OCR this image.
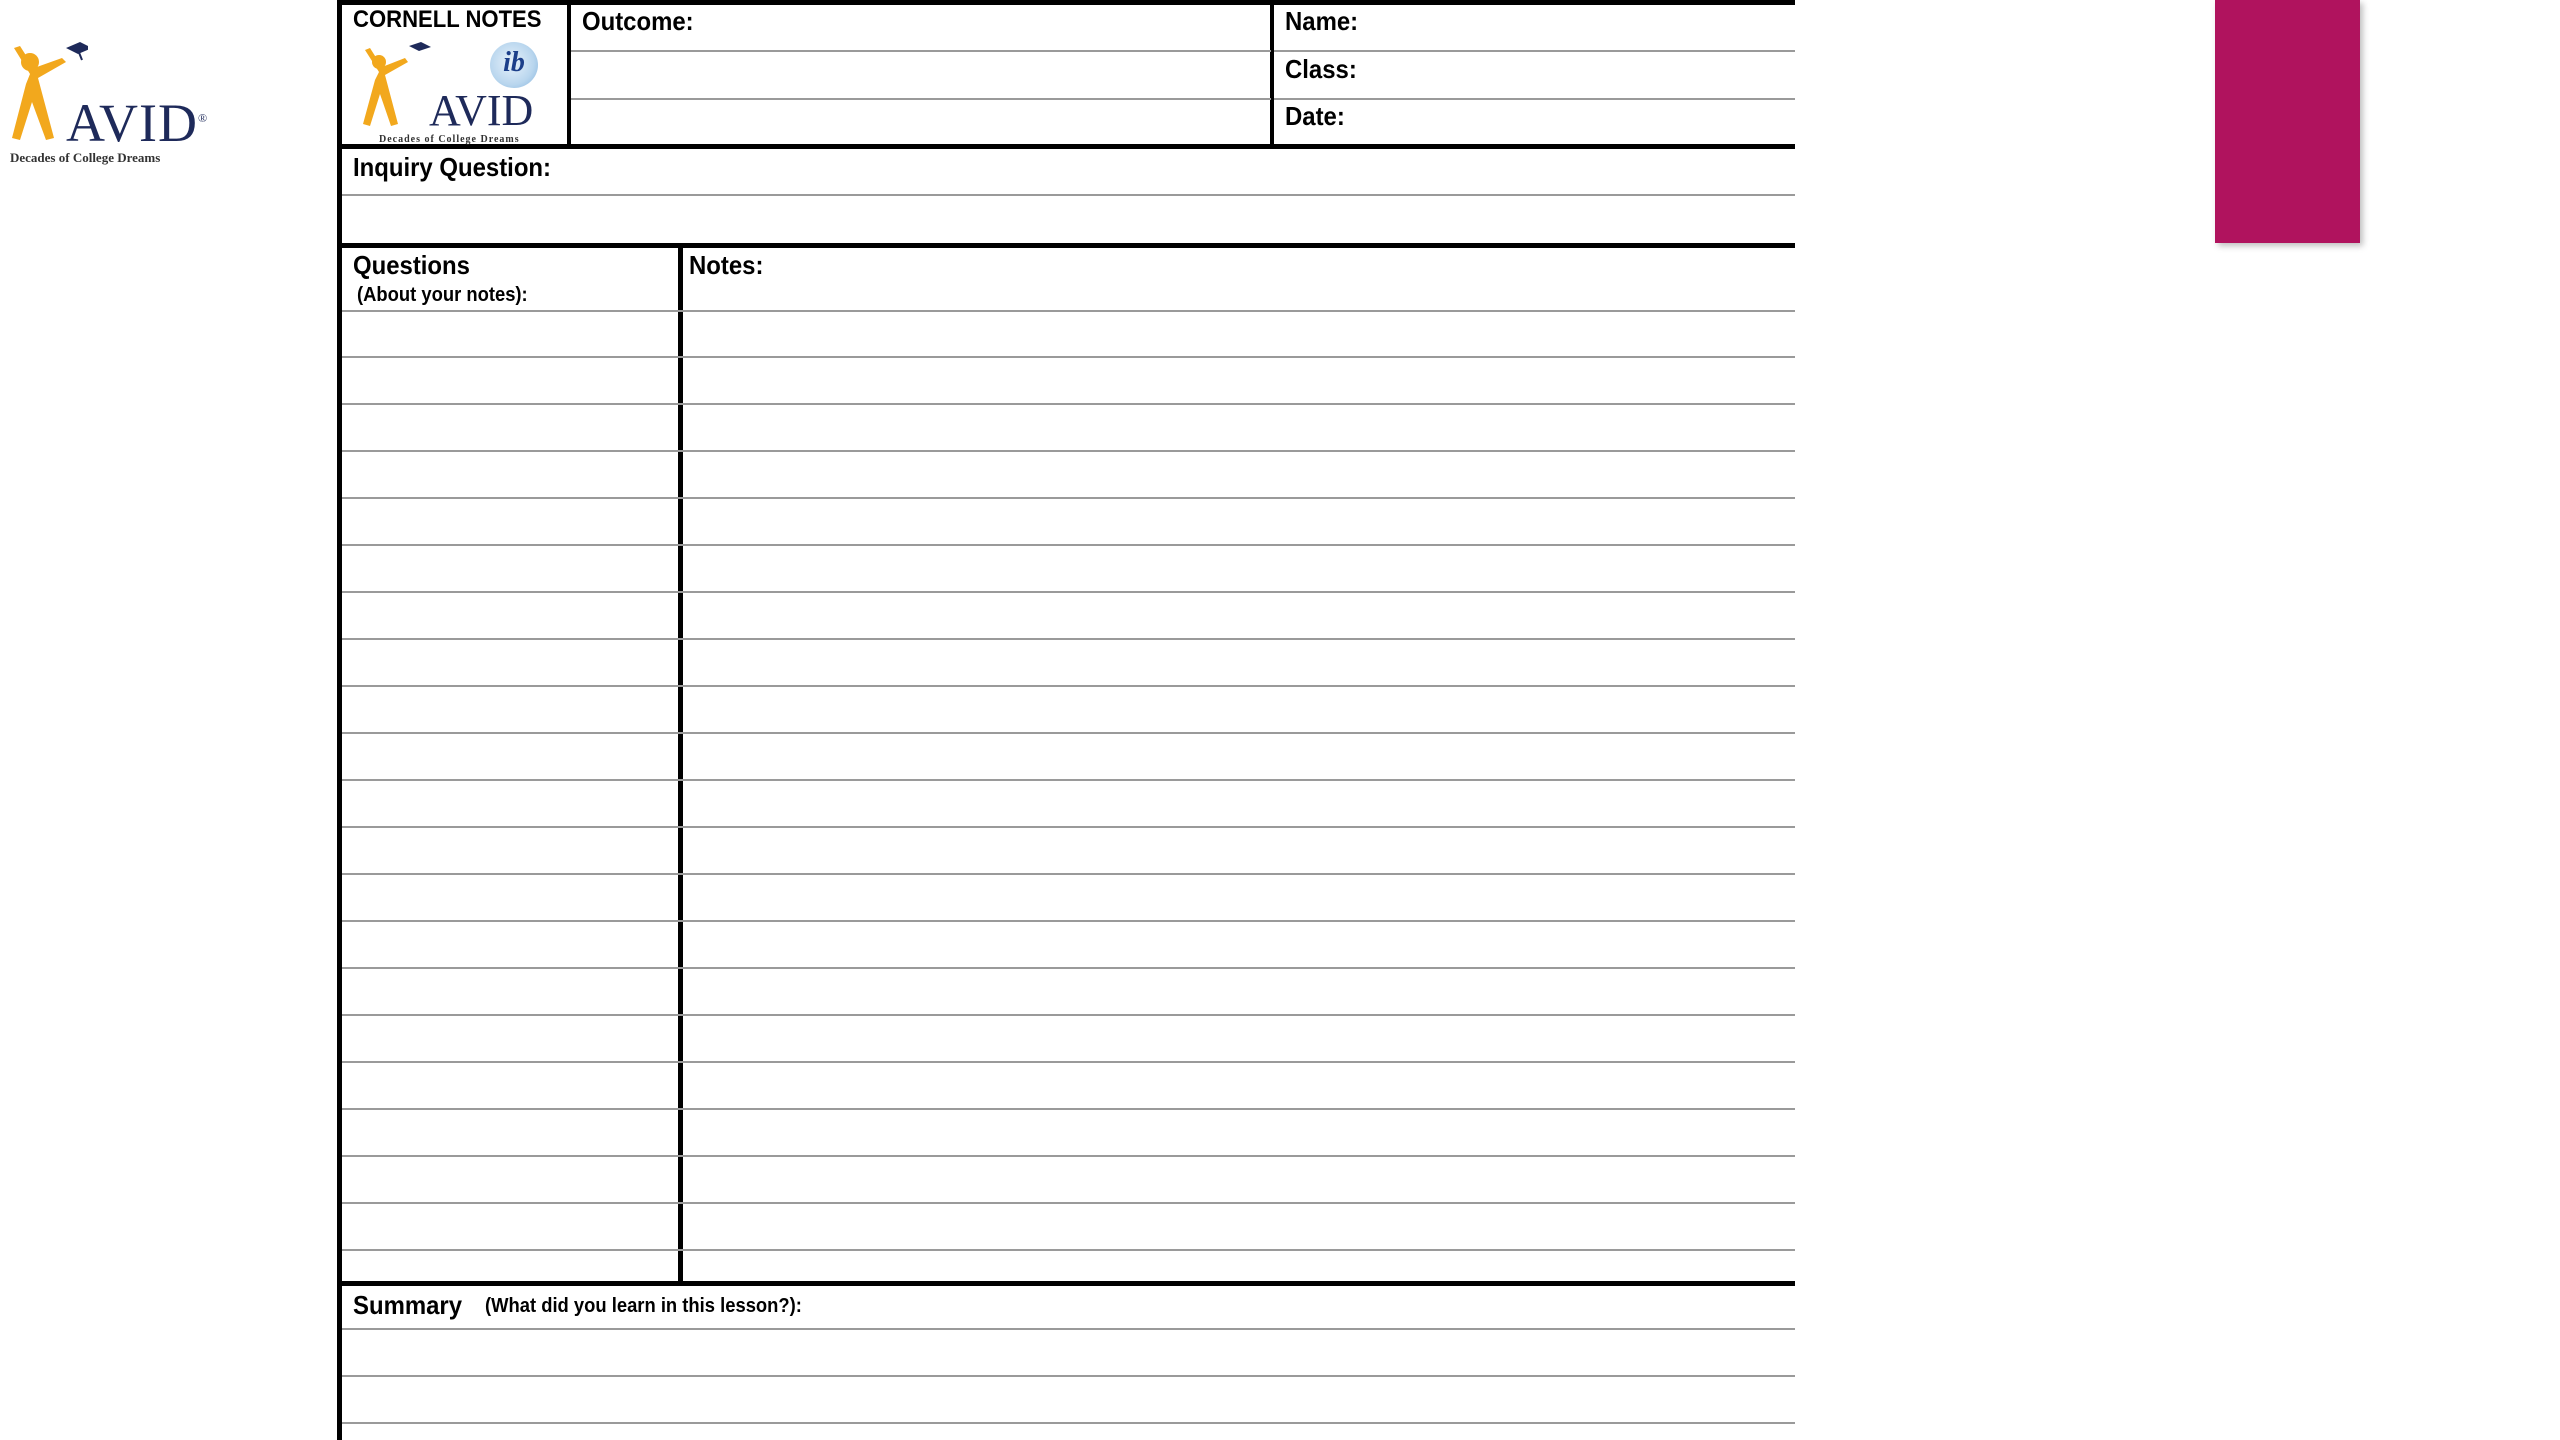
AVID®
Decades of College Dreams
CORNELL NOTES Outcome:	Name:
Class:
Date:
Inquiry Question:
Questions
(About your notes):
Notes:
Summary (What did you learn in this lesson?):
ib
AVID
Decades of College Dreams
